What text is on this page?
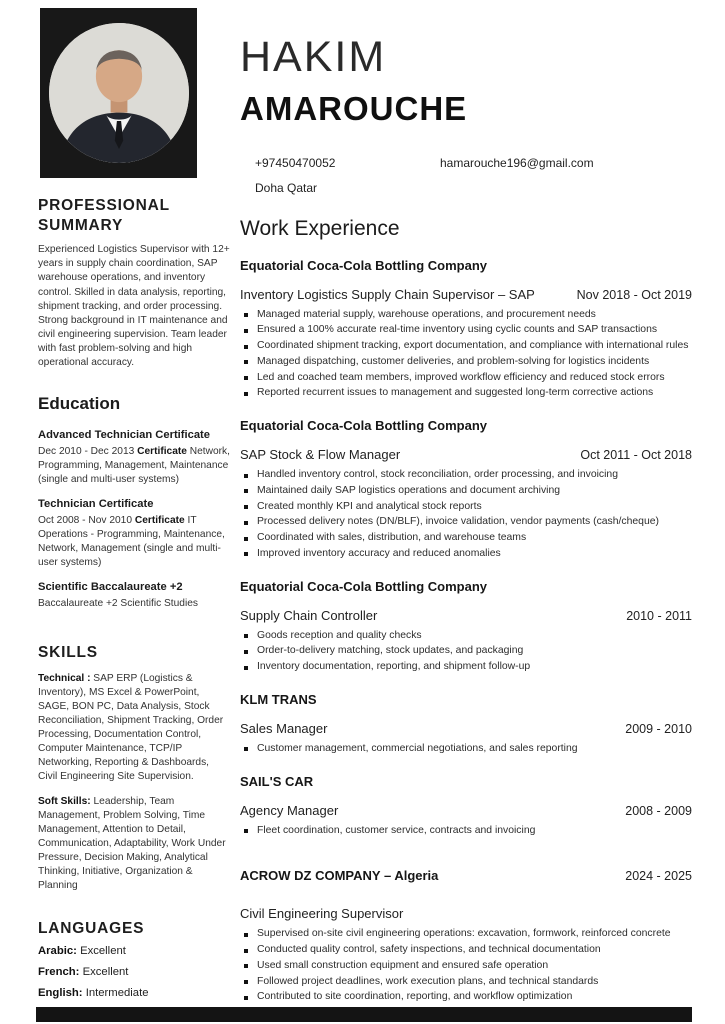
PROFESSIONAL SUMMARY

Experienced Logistics Supervisor with 12+ years in supply chain coordination, SAP warehouse operations, and inventory control. Skilled in data analysis, reporting, shipment tracking, and order processing. Strong background in IT maintenance and civil engineering supervision. Team leader with fast problem-solving and high operational accuracy.

Education
Advanced Technician Certificate

Dec 2010 - Dec 2013 Certificate Network, Programming, Management, Maintenance (single and multi-user systems)

Technician Certificate

Oct 2008 - Nov 2010 Certificate IT Operations - Programming, Maintenance, Network, Management (single and multi-user systems)

Scientific Baccalaureate +2

Baccalaureate +2 Scientific Studies

SKILLS

Technical : SAP ERP (Logistics & Inventory), MS Excel & PowerPoint, SAGE, BON PC, Data Analysis, Stock Reconciliation, Shipment Tracking, Order Processing, Documentation Control, Computer Maintenance, TCP/IP Networking, Reporting & Dashboards, Civil Engineering Site Supervision.

Soft Skills: Leadership, Team Management, Problem Solving, Time Management, Attention to Detail, Communication, Adaptability, Work Under Pressure, Decision Making, Analytical Thinking, Initiative, Organization & Planning

LANGUAGES
Arabic: Excellent
French: Excellent
English: Intermediate
HAKIM
AMAROUCHE
+97450470052	hamarouche196@gmail.com
Doha Qatar
Work Experience
Equatorial Coca-Cola Bottling Company
Inventory Logistics Supply Chain Supervisor – SAP	Nov 2018 - Oct 2019
Managed material supply, warehouse operations, and procurement needs
Ensured a 100% accurate real-time inventory using cyclic counts and SAP transactions
Coordinated shipment tracking, export documentation, and compliance with international rules
Managed dispatching, customer deliveries, and problem-solving for logistics incidents
Led and coached team members, improved workflow efficiency and reduced stock errors
Reported recurrent issues to management and suggested long-term corrective actions
Equatorial Coca-Cola Bottling Company
SAP Stock & Flow Manager	Oct 2011 - Oct 2018
Handled inventory control, stock reconciliation, order processing, and invoicing
Maintained daily SAP logistics operations and document archiving
Created monthly KPI and analytical stock reports
Processed delivery notes (DN/BLF), invoice validation, vendor payments (cash/cheque)
Coordinated with sales, distribution, and warehouse teams
Improved inventory accuracy and reduced anomalies
Equatorial Coca-Cola Bottling Company
Supply Chain Controller	2010 - 2011
Goods reception and quality checks
Order-to-delivery matching, stock updates, and packaging
Inventory documentation, reporting, and shipment follow-up
KLM TRANS
Sales Manager	2009 - 2010
Customer management, commercial negotiations, and sales reporting
SAIL'S CAR
Agency Manager	2008 - 2009
Fleet coordination, customer service, contracts and invoicing
ACROW DZ COMPANY – Algeria	2024 - 2025
Civil Engineering Supervisor
Supervised on-site civil engineering operations: excavation, formwork, reinforced concrete
Conducted quality control, safety inspections, and technical documentation
Used small construction equipment and ensured safe operation
Followed project deadlines, work execution plans, and technical standards
Contributed to site coordination, reporting, and workflow optimization
